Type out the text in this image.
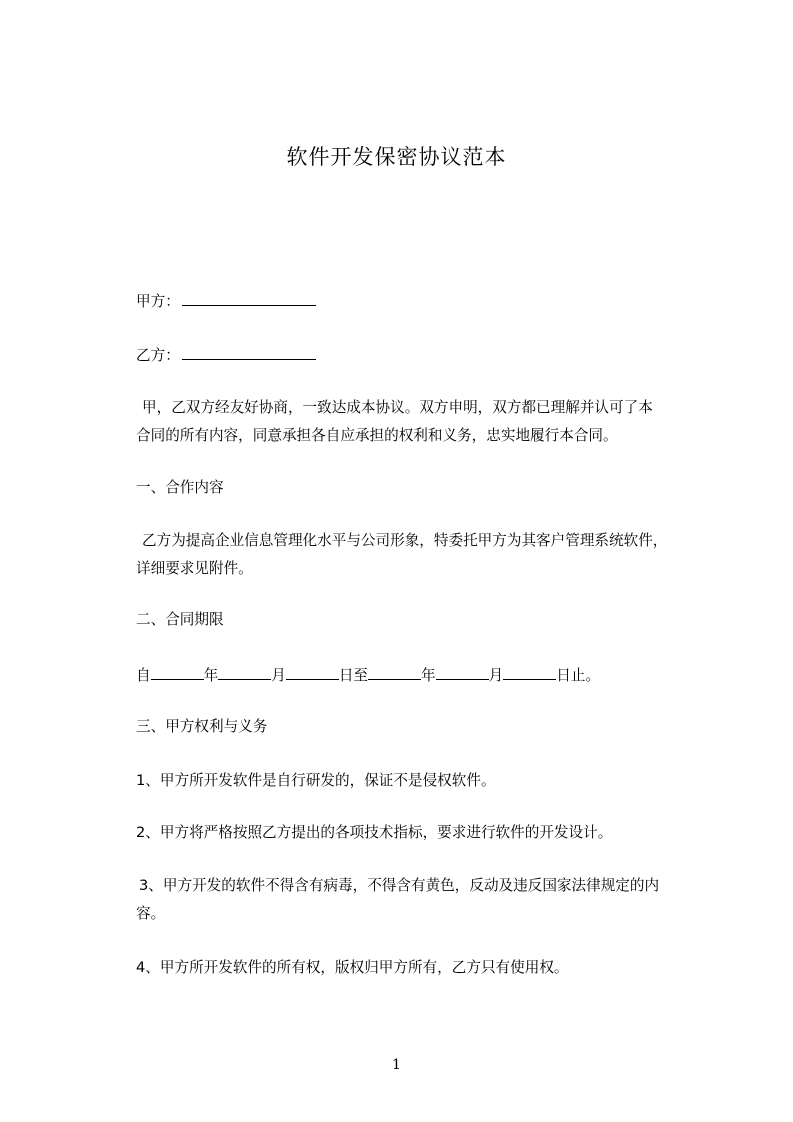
软件开发保密协议范本
甲方：
乙方：
甲，乙双方经友好协商，一致达成本协议。双方申明，双方都已理解并认可了本
合同的所有内容，同意承担各自应承担的权利和义务，忠实地履行本合同。
一、合作内容
乙方为提高企业信息管理化水平与公司形象，特委托甲方为其客户管理系统软件，
详细要求见附件。
二、合同期限
自	年	月	日至	年	月	日止。
三、甲方权利与义务
1、甲方所开发软件是自行研发的，保证不是侵权软件。
2、甲方将严格按照乙方提出的各项技术指标，要求进行软件的开发设计。
3、甲方开发的软件不得含有病毒，不得含有黄色，反动及违反国家法律规定的内
容。
4、甲方所开发软件的所有权，版权归甲方所有，乙方只有使用权。
1
